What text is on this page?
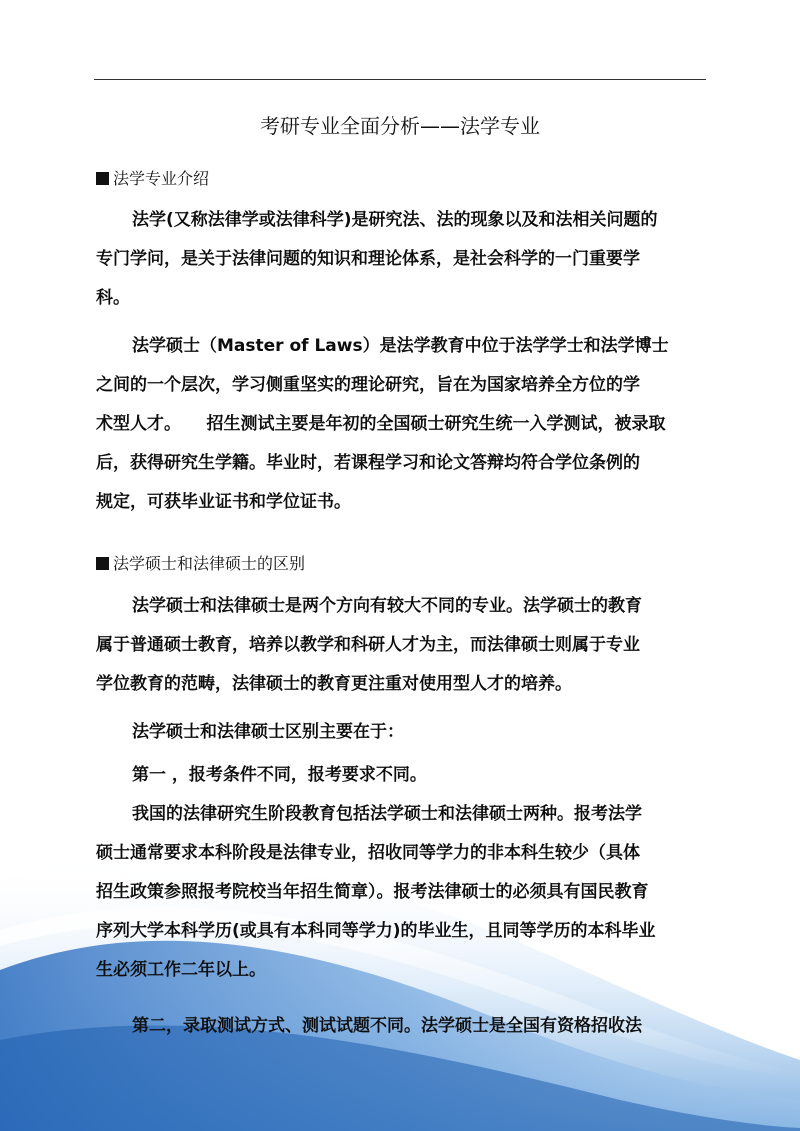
考研专业全面分析——法学专业
法学专业介绍
法学(又称法律学或法律科学)是研究法、法的现象以及和法相关问题的
专门学问，是关于法律问题的知识和理论体系，是社会科学的一门重要学
科。
法学硕士（Master of Laws）是法学教育中位于法学学士和法学博士
之间的一个层次，学习侧重坚实的理论研究，旨在为国家培养全方位的学
术型人才。　　招生测试主要是年初的全国硕士研究生统一入学测试，被录取
后，获得研究生学籍。毕业时，若课程学习和论文答辩均符合学位条例的
规定，可获毕业证书和学位证书。
法学硕士和法律硕士的区别
法学硕士和法律硕士是两个方向有较大不同的专业。法学硕士的教育
属于普通硕士教育，培养以教学和科研人才为主，而法律硕士则属于专业
学位教育的范畴，法律硕士的教育更注重对使用型人才的培养。
法学硕士和法律硕士区别主要在于：
第一 ，报考条件不同，报考要求不同。
我国的法律研究生阶段教育包括法学硕士和法律硕士两种。报考法学
硕士通常要求本科阶段是法律专业，招收同等学力的非本科生较少（具体
招生政策参照报考院校当年招生简章）。报考法律硕士的必须具有国民教育
序列大学本科学历(或具有本科同等学力)的毕业生，且同等学历的本科毕业
生必须工作二年以上。
第二，录取测试方式、测试试题不同。法学硕士是全国有资格招收法
